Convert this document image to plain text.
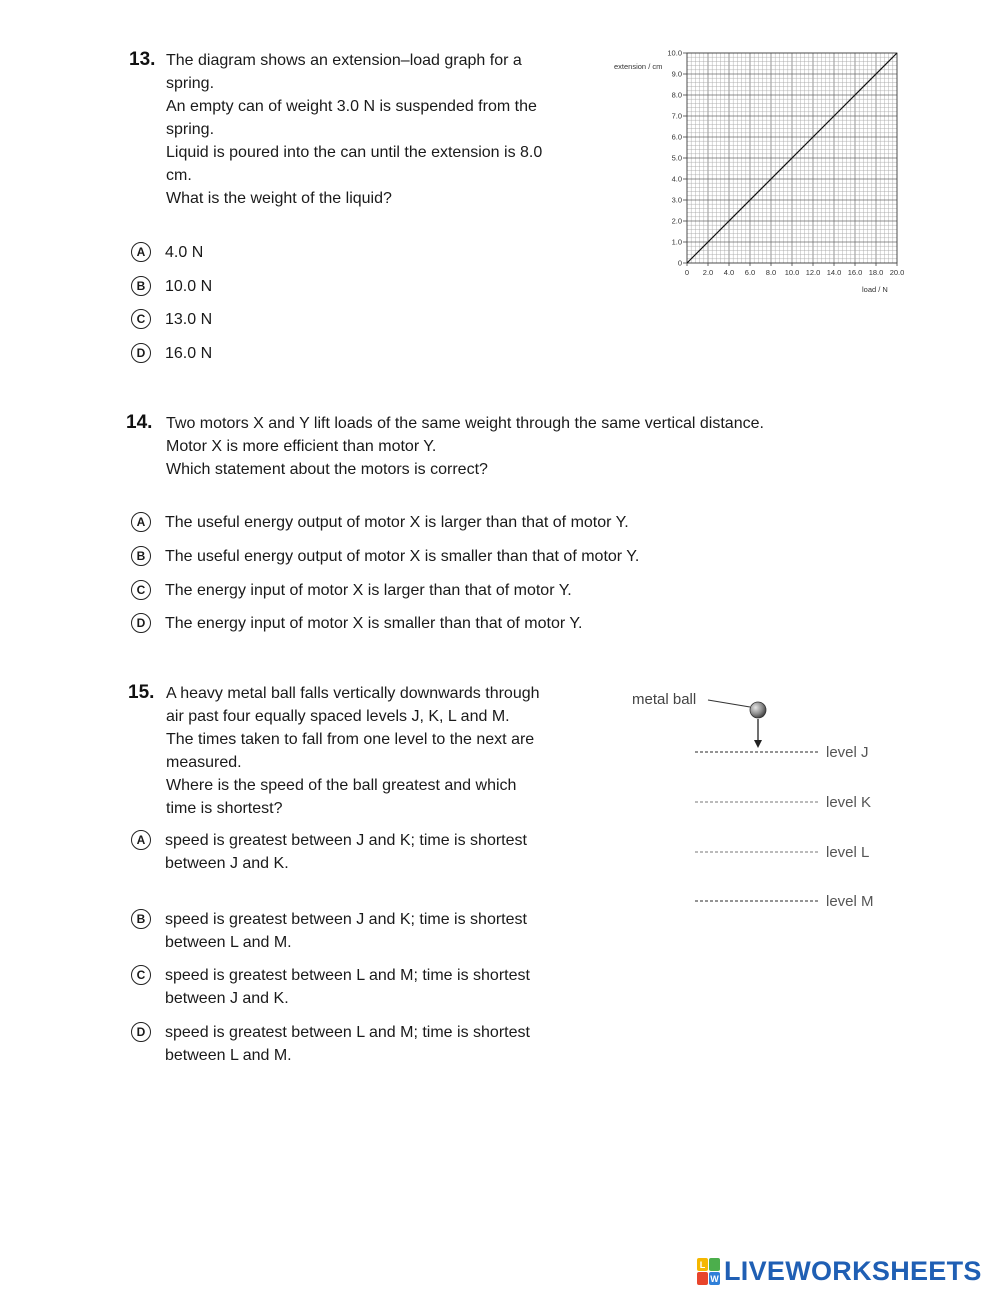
13. The diagram shows an extension–load graph for a
spring.
An empty can of weight 3.0 N is suspended from the
spring.
Liquid is poured into the can until the extension is 8.0
cm.
What is the weight of the liquid?
A	4.0 N
B	10.0 N
C	13.0 N
D	16.0 N
0
1.0
2.0
3.0
4.0
5.0
6.0
7.0
8.0
9.0
10.0
0 2.0 4.0 6.0 8.0 10.0 12.0 14.0 16.0 18.0 20.0
extension / cm
load / N
14. Two motors X and Y lift loads of the same weight through the same vertical distance.
Motor X is more efficient than motor Y.
Which statement about the motors is correct?
A	The useful energy output of motor X is larger than that of motor Y.
B	The useful energy output of motor X is smaller than that of motor Y.
C	The energy input of motor X is larger than that of motor Y.
D	The energy input of motor X is smaller than that of motor Y.
15. A heavy metal ball falls vertically downwards through
air past four equally spaced levels J, K, L and M.
The times taken to fall from one level to the next are
measured.
Where is the speed of the ball greatest and which
time is shortest?
A	speed is greatest between J and K; time is shortest
between J and K.
B	speed is greatest between J and K; time is shortest
between L and M.
C	speed is greatest between L and M; time is shortest
between J and K.
D	speed is greatest between L and M; time is shortest
between L and M.
metal ball
level J
level K
level L
level M
L
W LIVEWORKSHEETS
